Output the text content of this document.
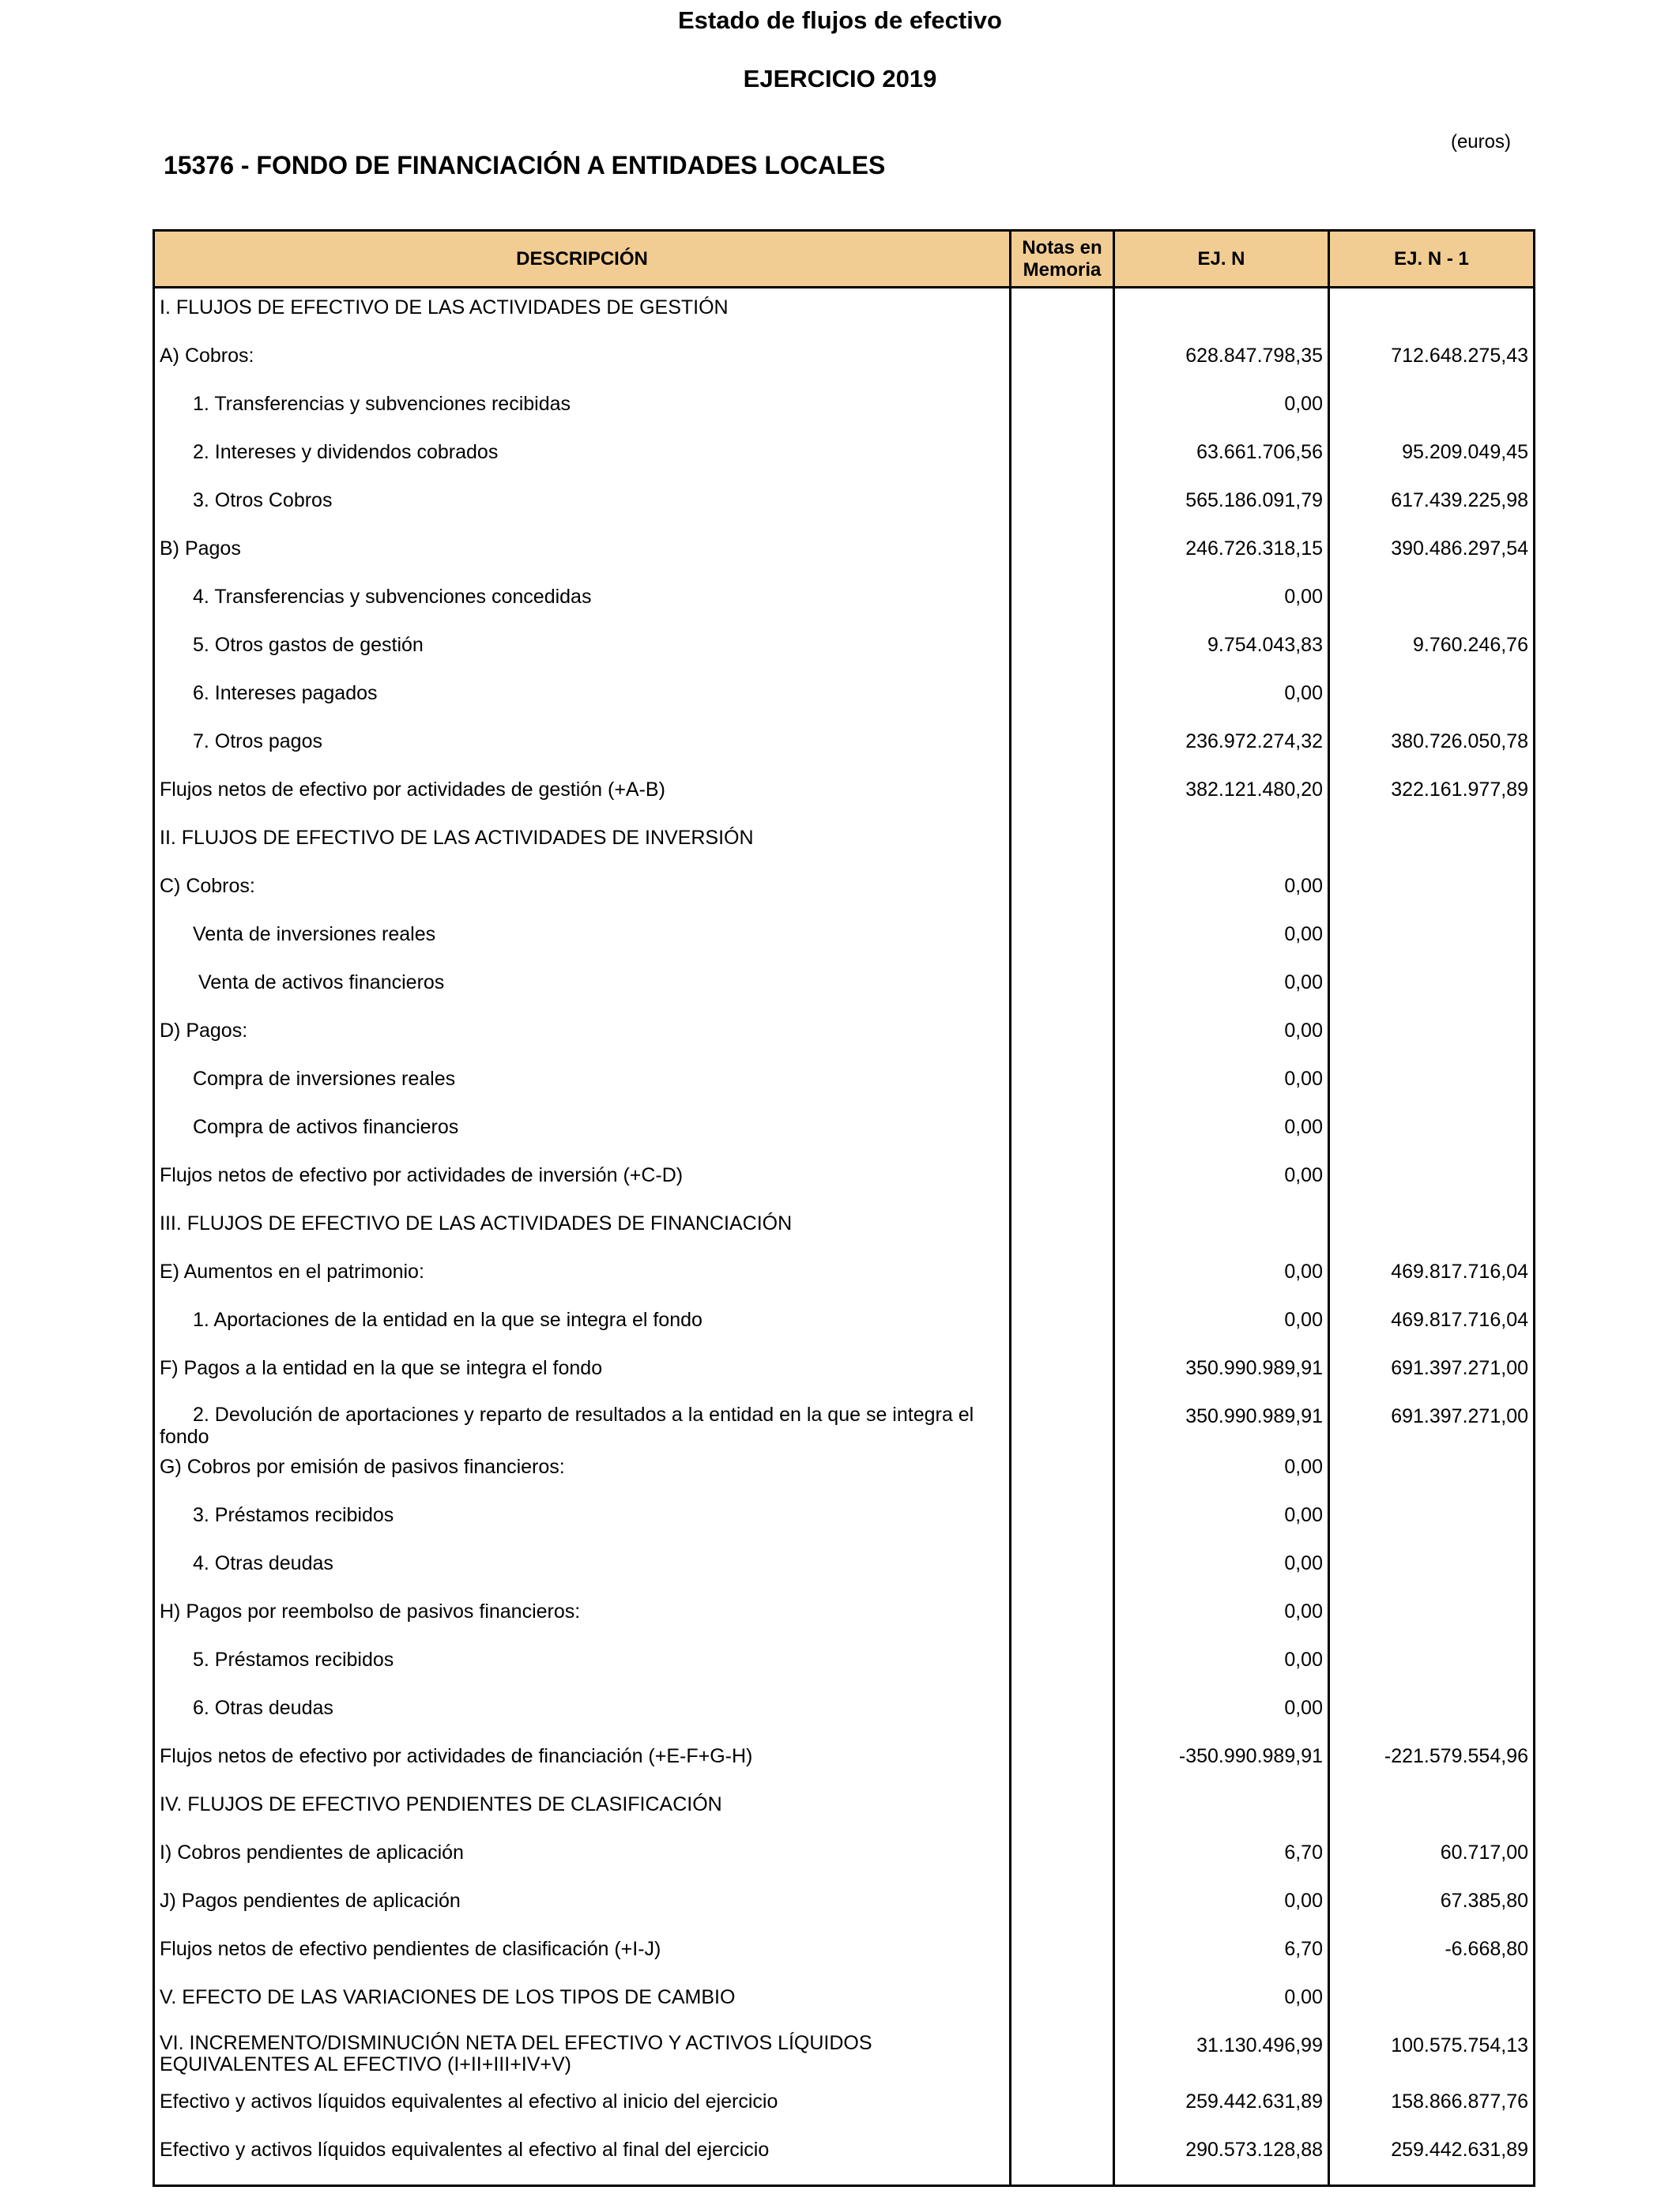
Estado de flujos de efectivo
EJERCICIO 2019
(euros)
15376 - FONDO DE FINANCIACIÓN A ENTIDADES LOCALES
DESCRIPCIÓN	Notas en Memoria	EJ. N	EJ. N - 1
I. FLUJOS DE EFECTIVO DE LAS ACTIVIDADES DE GESTIÓN			
A) Cobros:		628.847.798,35	712.648.275,43
1. Transferencias y subvenciones recibidas		0,00	
2. Intereses y dividendos cobrados		63.661.706,56	95.209.049,45
3. Otros Cobros		565.186.091,79	617.439.225,98
B) Pagos		246.726.318,15	390.486.297,54
4. Transferencias y subvenciones concedidas		0,00	
5. Otros gastos de gestión		9.754.043,83	9.760.246,76
6. Intereses pagados		0,00	
7. Otros pagos		236.972.274,32	380.726.050,78
Flujos netos de efectivo por actividades de gestión (+A-B)		382.121.480,20	322.161.977,89
II. FLUJOS DE EFECTIVO DE LAS ACTIVIDADES DE INVERSIÓN			
C) Cobros:		0,00	
Venta de inversiones reales		0,00	
Venta de activos financieros		0,00	
D) Pagos:		0,00	
Compra de inversiones reales		0,00	
Compra de activos financieros		0,00	
Flujos netos de efectivo por actividades de inversión (+C-D)		0,00	
III. FLUJOS DE EFECTIVO DE LAS ACTIVIDADES DE FINANCIACIÓN			
E) Aumentos en el patrimonio:		0,00	469.817.716,04
1. Aportaciones de la entidad en la que se integra el fondo		0,00	469.817.716,04
F) Pagos a la entidad en la que se integra el fondo		350.990.989,91	691.397.271,00
2. Devolución de aportaciones y reparto de resultados a la entidad en la que se integra el fondo		350.990.989,91	691.397.271,00
G) Cobros por emisión de pasivos financieros:		0,00	
3. Préstamos recibidos		0,00	
4. Otras deudas		0,00	
H) Pagos por reembolso de pasivos financieros:		0,00	
5. Préstamos recibidos		0,00	
6. Otras deudas		0,00	
Flujos netos de efectivo por actividades de financiación (+E-F+G-H)		-350.990.989,91	-221.579.554,96
IV. FLUJOS DE EFECTIVO PENDIENTES DE CLASIFICACIÓN			
I) Cobros pendientes de aplicación		6,70	60.717,00
J) Pagos pendientes de aplicación		0,00	67.385,80
Flujos netos de efectivo pendientes de clasificación (+I-J)		6,70	-6.668,80
V. EFECTO DE LAS VARIACIONES DE LOS TIPOS DE CAMBIO		0,00	
VI. INCREMENTO/DISMINUCIÓN NETA DEL EFECTIVO Y ACTIVOS LÍQUIDOS EQUIVALENTES AL EFECTIVO (I+II+III+IV+V)		31.130.496,99	100.575.754,13
Efectivo y activos líquidos equivalentes al efectivo al inicio del ejercicio		259.442.631,89	158.866.877,76
Efectivo y activos líquidos equivalentes al efectivo al final del ejercicio		290.573.128,88	259.442.631,89
